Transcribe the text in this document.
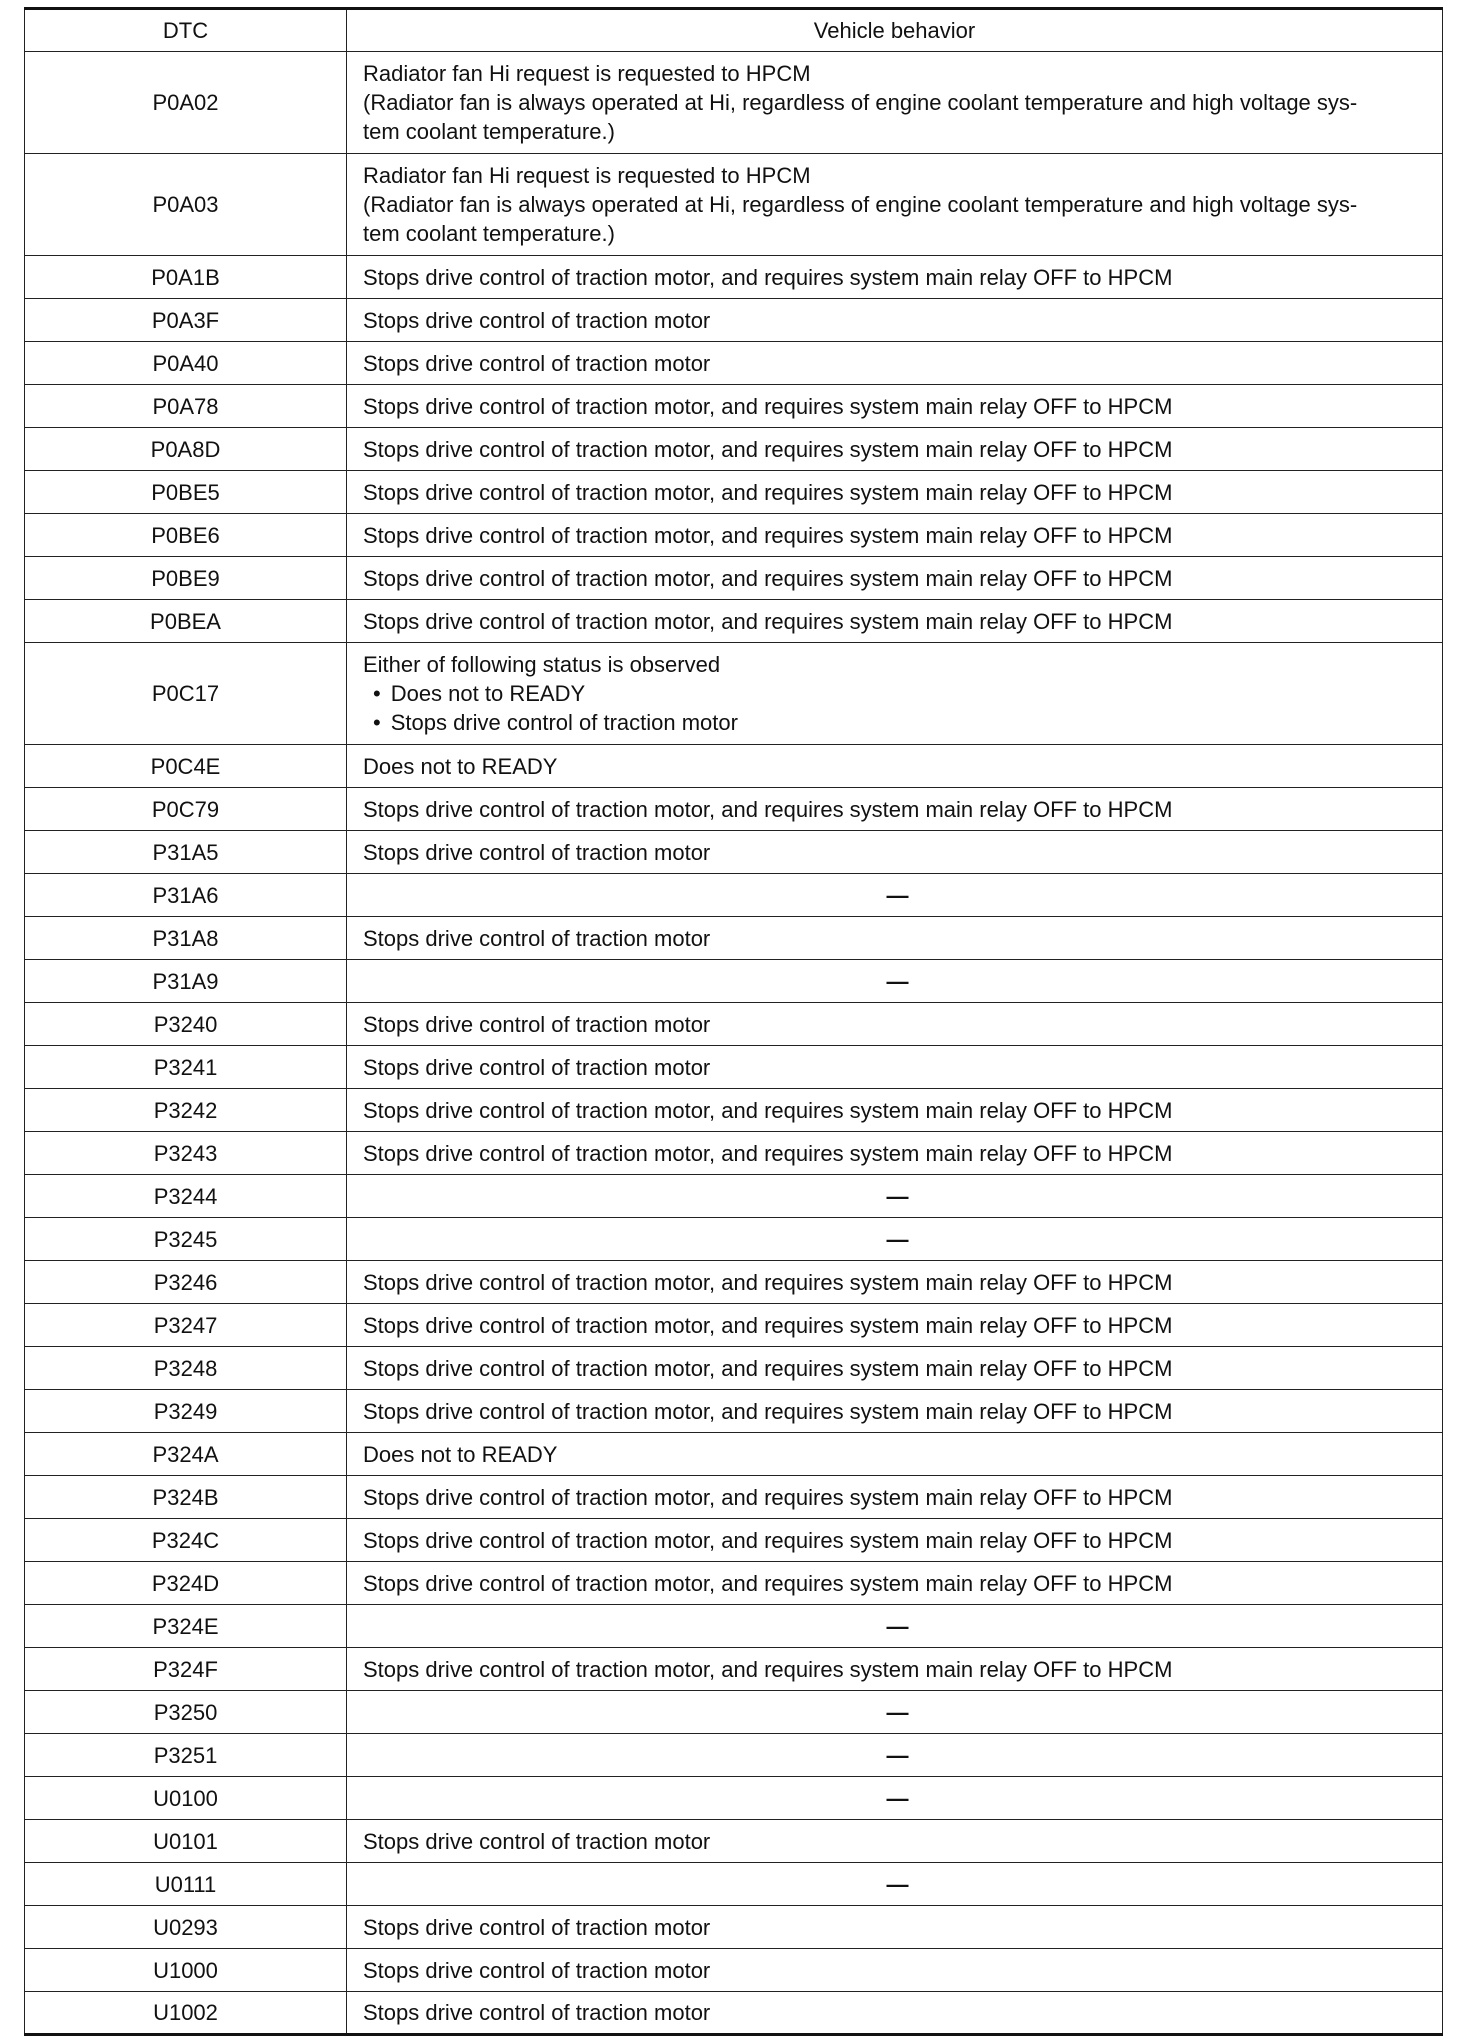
DTC	Vehicle behavior
P0A02	Radiator fan Hi request is requested to HPCM
(Radiator fan is always operated at Hi, regardless of engine coolant temperature and high voltage sys-
tem coolant temperature.)

P0A03	Radiator fan Hi request is requested to HPCM
(Radiator fan is always operated at Hi, regardless of engine coolant temperature and high voltage sys-
tem coolant temperature.)

P0A1B	Stops drive control of traction motor, and requires system main relay OFF to HPCM

P0A3F	Stops drive control of traction motor

P0A40	Stops drive control of traction motor

P0A78	Stops drive control of traction motor, and requires system main relay OFF to HPCM

P0A8D	Stops drive control of traction motor, and requires system main relay OFF to HPCM

P0BE5	Stops drive control of traction motor, and requires system main relay OFF to HPCM

P0BE6	Stops drive control of traction motor, and requires system main relay OFF to HPCM

P0BE9	Stops drive control of traction motor, and requires system main relay OFF to HPCM

P0BEA	Stops drive control of traction motor, and requires system main relay OFF to HPCM

P0C17	Either of following status is observed
• Does not to READY
• Stops drive control of traction motor

P0C4E	Does not to READY

P0C79	Stops drive control of traction motor, and requires system main relay OFF to HPCM

P31A5	Stops drive control of traction motor

P31A6	—
P31A8	Stops drive control of traction motor

P31A9	—
P3240	Stops drive control of traction motor

P3241	Stops drive control of traction motor

P3242	Stops drive control of traction motor, and requires system main relay OFF to HPCM

P3243	Stops drive control of traction motor, and requires system main relay OFF to HPCM

P3244	—
P3245	—
P3246	Stops drive control of traction motor, and requires system main relay OFF to HPCM

P3247	Stops drive control of traction motor, and requires system main relay OFF to HPCM

P3248	Stops drive control of traction motor, and requires system main relay OFF to HPCM

P3249	Stops drive control of traction motor, and requires system main relay OFF to HPCM

P324A	Does not to READY

P324B	Stops drive control of traction motor, and requires system main relay OFF to HPCM

P324C	Stops drive control of traction motor, and requires system main relay OFF to HPCM

P324D	Stops drive control of traction motor, and requires system main relay OFF to HPCM

P324E	—
P324F	Stops drive control of traction motor, and requires system main relay OFF to HPCM

P3250	—
P3251	—
U0100	—
U0101	Stops drive control of traction motor

U0111	—
U0293	Stops drive control of traction motor

U1000	Stops drive control of traction motor

U1002	Stops drive control of traction motor
